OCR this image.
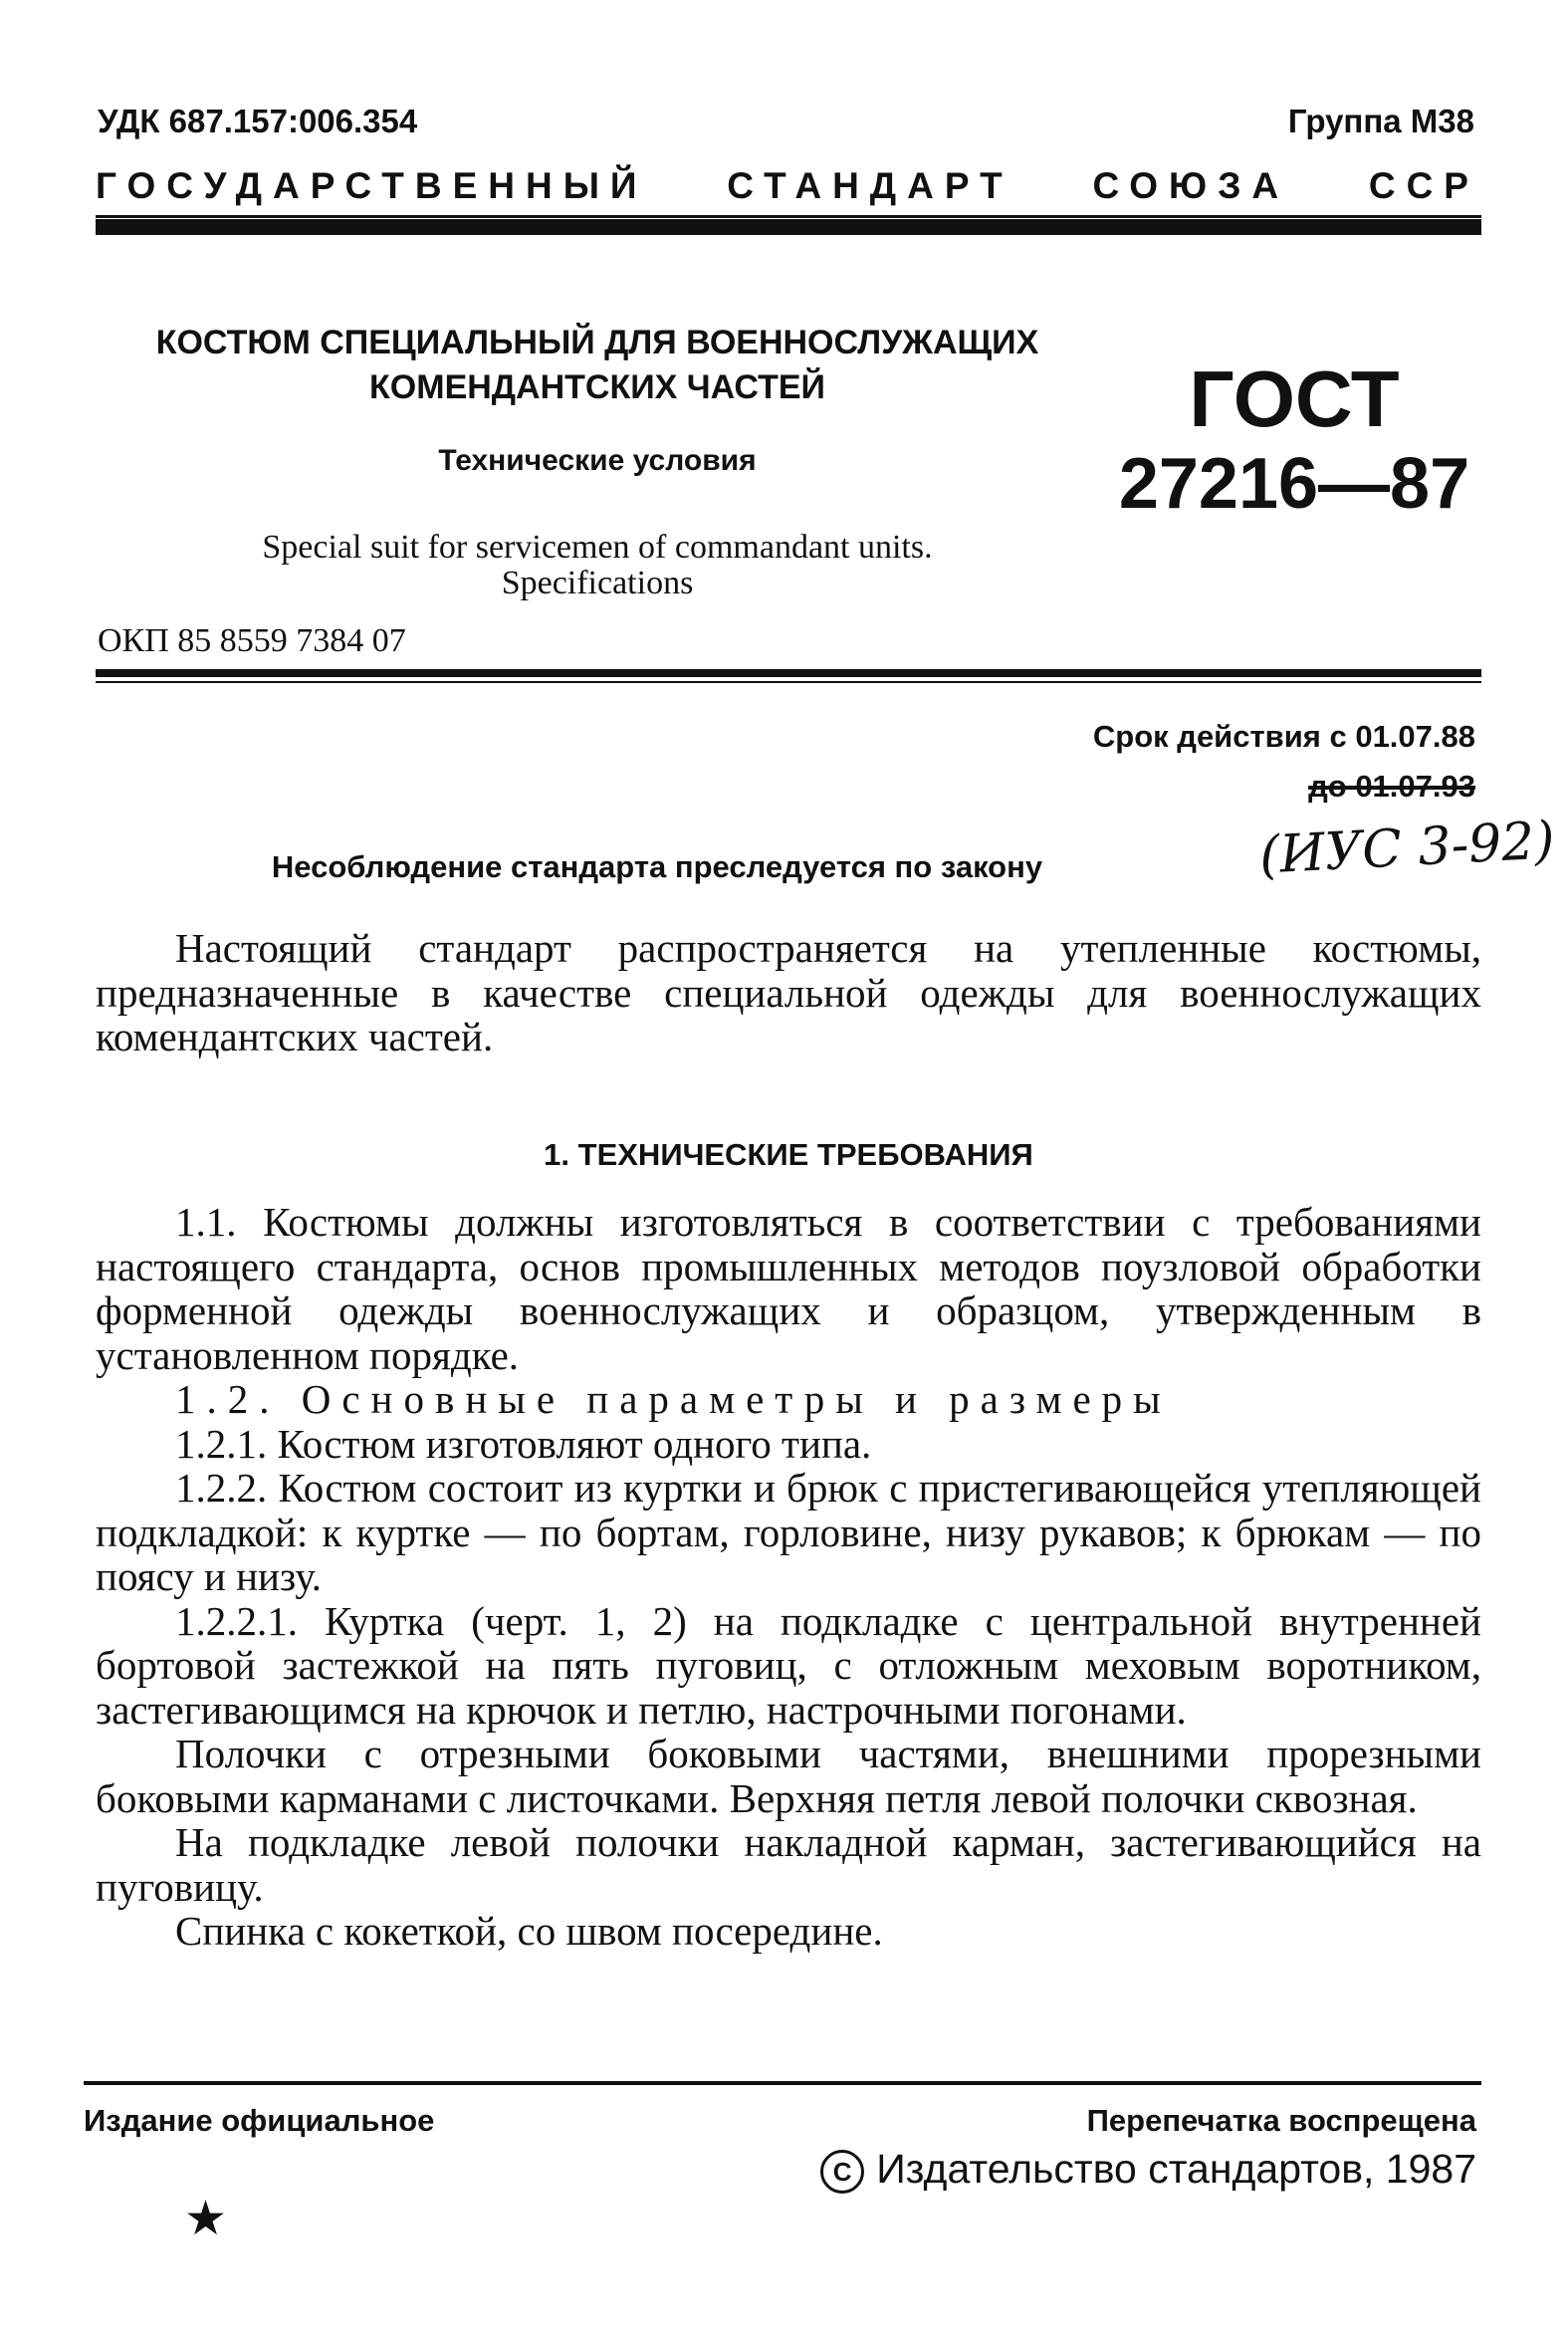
УДК 687.157:006.354	Группа М38
ГОСУДАРСТВЕННЫЙ СТАНДАРТ СОЮЗА ССР
КОСТЮМ СПЕЦИАЛЬНЫЙ ДЛЯ ВОЕННОСЛУЖАЩИХ
КОМЕНДАНТСКИХ ЧАСТЕЙ
Технические условия
ГОСТ
27216—87
Special suit for servicemen of commandant units.
Specifications
ОКП 85 8559 7384 07
Срок действия с 01.07.88
до 01.07.93
(ИУС 3-92)
Несоблюдение стандарта преследуется по закону

Настоящий стандарт распространяется на утепленные костюмы, предназначенные в качестве специальной одежды для военнослужащих комендантских частей.

1. ТЕХНИЧЕСКИЕ ТРЕБОВАНИЯ

1.1. Костюмы должны изготовляться в соответствии с требованиями настоящего стандарта, основ промышленных методов поузловой обработки форменной одежды военнослужащих и образцом, утвержденным в установленном порядке.

1.2. Основные параметры и размеры

1.2.1. Костюм изготовляют одного типа.

1.2.2. Костюм состоит из куртки и брюк с пристегивающейся утепляющей подкладкой: к куртке — по бортам, горловине, низу рукавов; к брюкам — по поясу и низу.

1.2.2.1. Куртка (черт. 1, 2) на подкладке с центральной внутренней бортовой застежкой на пять пуговиц, с отложным меховым воротником, застегивающимся на крючок и петлю, настрочными погонами.

Полочки с отрезными боковыми частями, внешними прорезными боковыми карманами с листочками. Верхняя петля левой полочки сквозная.

На подкладке левой полочки накладной карман, застегивающийся на пуговицу.

Спинка с кокеткой, со швом посередине.

Издание официальное	Перепечатка воспрещена
C Издательство стандартов, 1987
★
